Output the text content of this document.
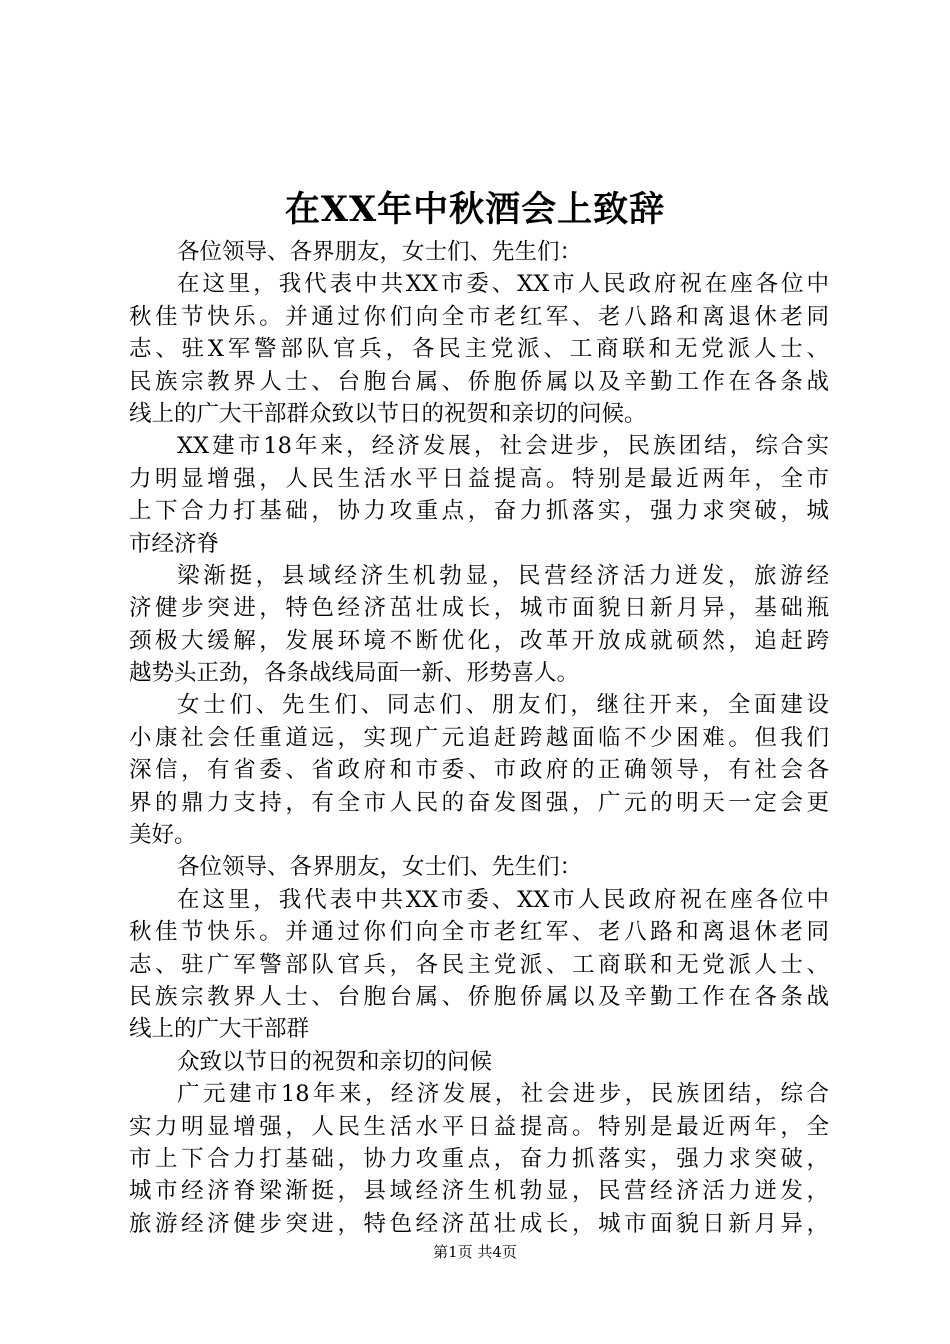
在XX年中秋酒会上致辞
各位领导、各界朋友，女士们、先生们：
在这里，我代表中共XX市委、XX市人民政府祝在座各位中
秋佳节快乐。并通过你们向全市老红军、老八路和离退休老同
志、驻X军警部队官兵，各民主党派、工商联和无党派人士、
民族宗教界人士、台胞台属、侨胞侨属以及辛勤工作在各条战
线上的广大干部群众致以节日的祝贺和亲切的问候。
XX建市18年来，经济发展，社会进步，民族团结，综合实
力明显增强，人民生活水平日益提高。特别是最近两年，全市
上下合力打基础，协力攻重点，奋力抓落实，强力求突破，城
市经济脊
梁渐挺，县域经济生机勃显，民营经济活力迸发，旅游经
济健步突进，特色经济茁壮成长，城市面貌日新月异，基础瓶
颈极大缓解，发展环境不断优化，改革开放成就硕然，追赶跨
越势头正劲，各条战线局面一新、形势喜人。
女士们、先生们、同志们、朋友们，继往开来，全面建设
小康社会任重道远，实现广元追赶跨越面临不少困难。但我们
深信，有省委、省政府和市委、市政府的正确领导，有社会各
界的鼎力支持，有全市人民的奋发图强，广元的明天一定会更
美好。
各位领导、各界朋友，女士们、先生们：
在这里，我代表中共XX市委、XX市人民政府祝在座各位中
秋佳节快乐。并通过你们向全市老红军、老八路和离退休老同
志、驻广军警部队官兵，各民主党派、工商联和无党派人士、
民族宗教界人士、台胞台属、侨胞侨属以及辛勤工作在各条战
线上的广大干部群
众致以节日的祝贺和亲切的问候
广元建市18年来，经济发展，社会进步，民族团结，综合
实力明显增强，人民生活水平日益提高。特别是最近两年，全
市上下合力打基础，协力攻重点，奋力抓落实，强力求突破，
城市经济脊梁渐挺，县域经济生机勃显，民营经济活力迸发，
旅游经济健步突进，特色经济茁壮成长，城市面貌日新月异，
第1页 共4页
